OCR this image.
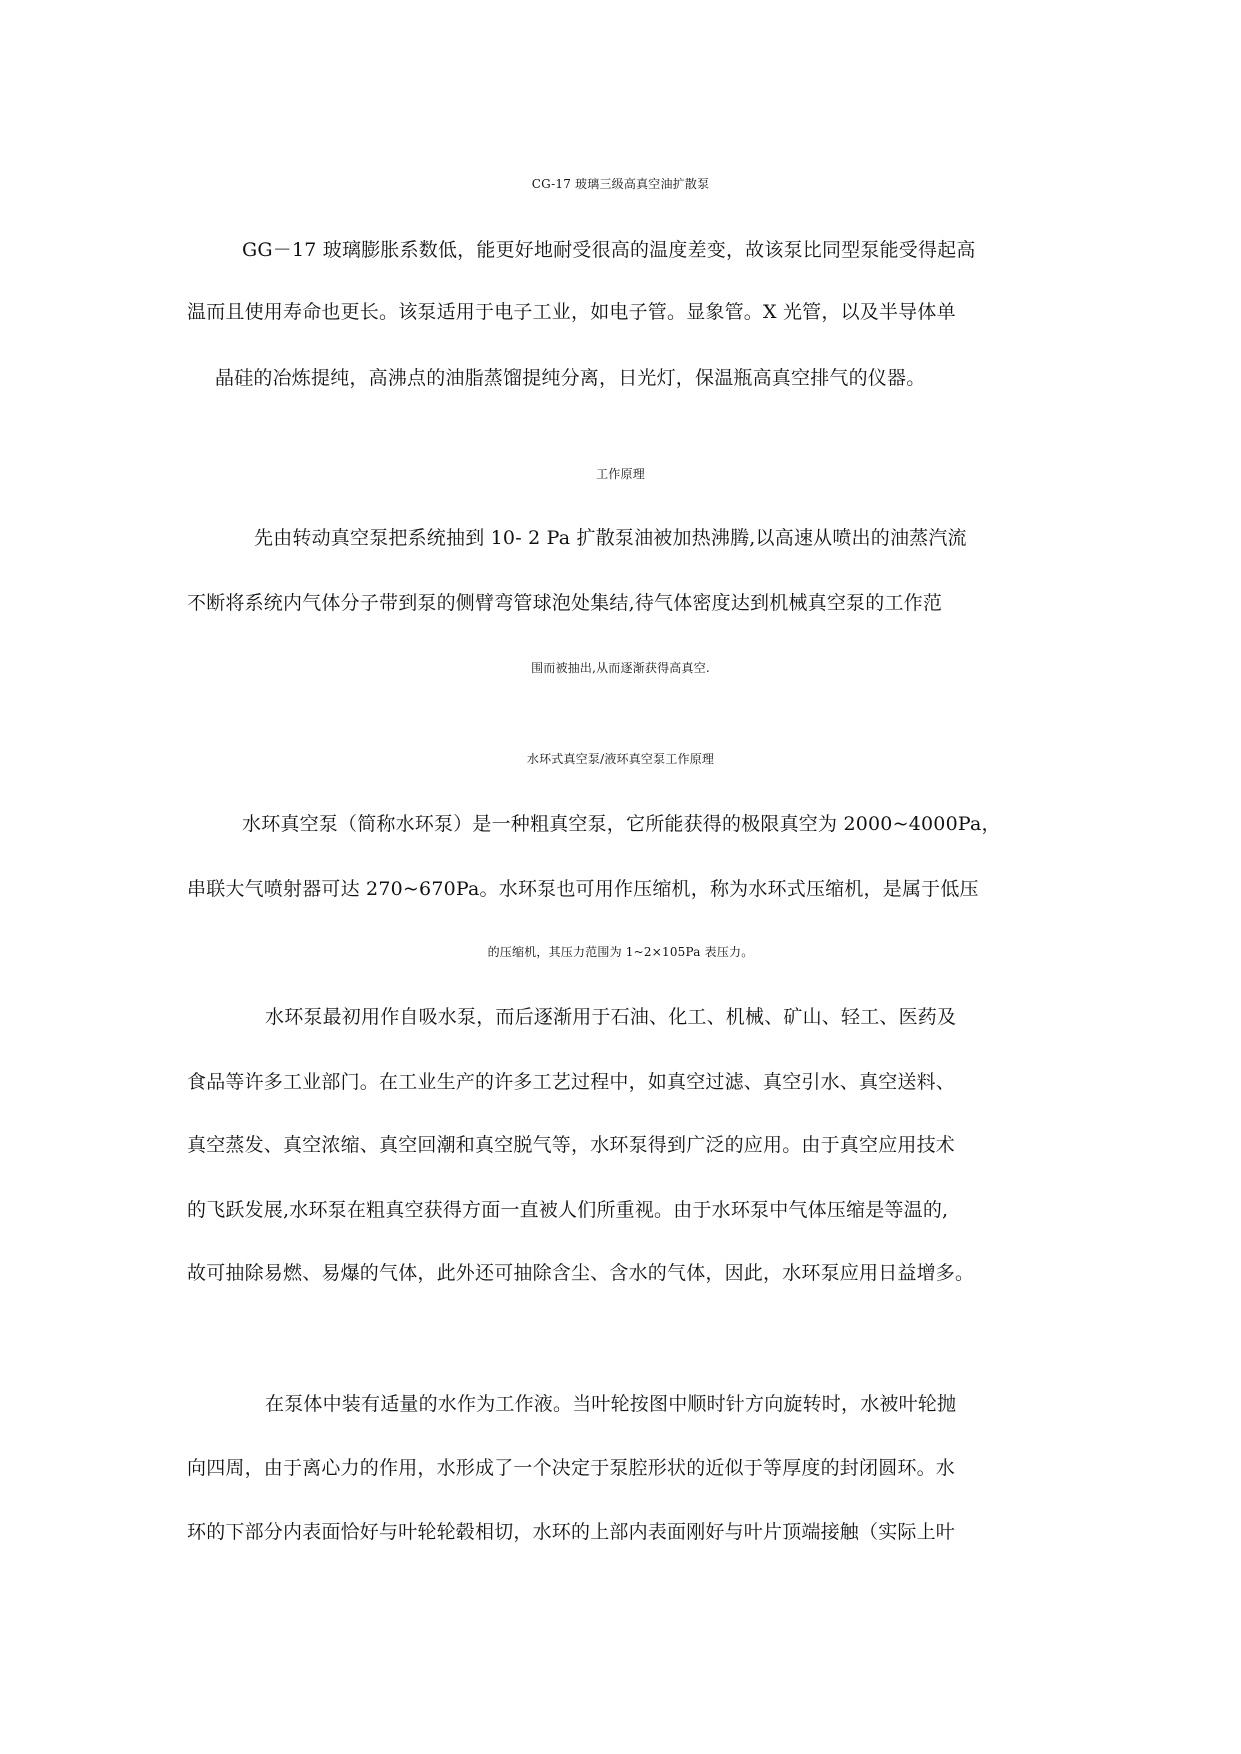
CG-17 玻璃三级高真空油扩散泵
GG－17 玻璃膨胀系数低，能更好地耐受很高的温度差变，故该泵比同型泵能受得起高
温而且使用寿命也更长。该泵适用于电子工业，如电子管。显象管。X 光管，以及半导体单
晶硅的冶炼提纯，高沸点的油脂蒸馏提纯分离，日光灯，保温瓶高真空排气的仪器。
工作原理
先由转动真空泵把系统抽到 10- 2 Pa 扩散泵油被加热沸腾,以高速从喷出的油蒸汽流
不断将系统内气体分子带到泵的侧臂弯管球泡处集结,待气体密度达到机械真空泵的工作范
围而被抽出,从而逐渐获得高真空.
水环式真空泵/液环真空泵工作原理
水环真空泵（简称水环泵）是一种粗真空泵，它所能获得的极限真空为 2000~4000Pa，
串联大气喷射器可达 270~670Pa。水环泵也可用作压缩机，称为水环式压缩机，是属于低压
的压缩机，其压力范围为 1~2×105Pa 表压力。
水环泵最初用作自吸水泵，而后逐渐用于石油、化工、机械、矿山、轻工、医药及
食品等许多工业部门。在工业生产的许多工艺过程中，如真空过滤、真空引水、真空送料、
真空蒸发、真空浓缩、真空回潮和真空脱气等，水环泵得到广泛的应用。由于真空应用技术
的飞跃发展,水环泵在粗真空获得方面一直被人们所重视。由于水环泵中气体压缩是等温的,
故可抽除易燃、易爆的气体，此外还可抽除含尘、含水的气体，因此，水环泵应用日益增多。
在泵体中装有适量的水作为工作液。当叶轮按图中顺时针方向旋转时，水被叶轮抛
向四周，由于离心力的作用，水形成了一个决定于泵腔形状的近似于等厚度的封闭圆环。水
环的下部分内表面恰好与叶轮轮毂相切，水环的上部内表面刚好与叶片顶端接触（实际上叶
